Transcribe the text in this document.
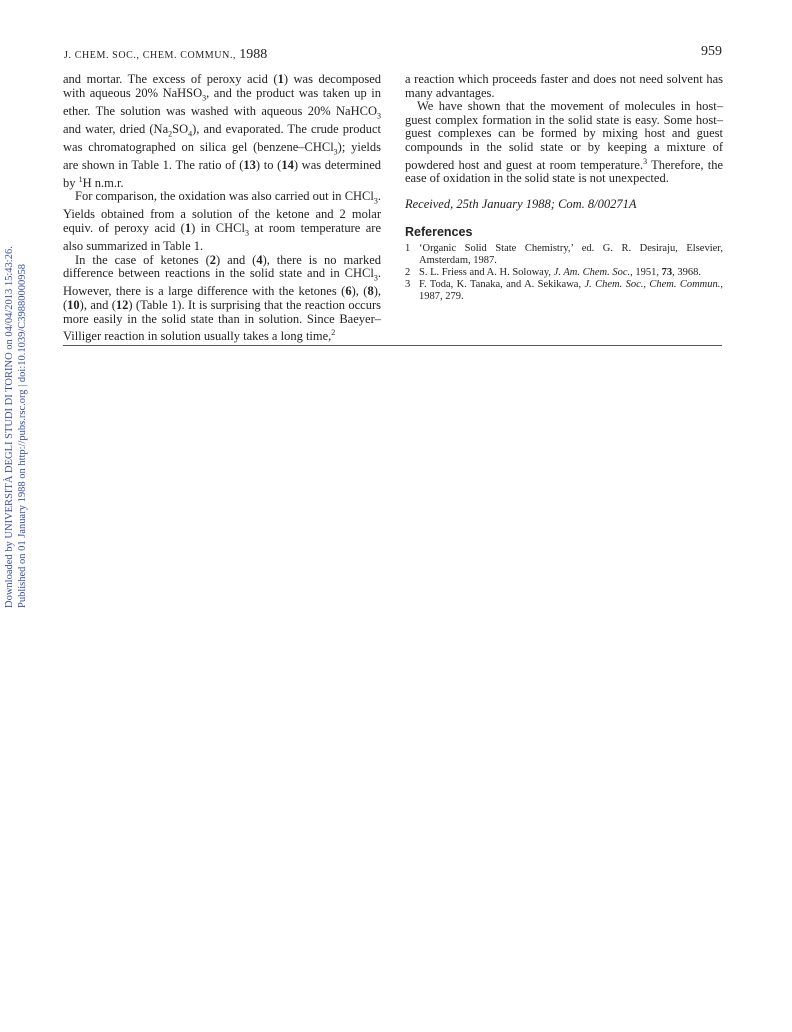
J. CHEM. SOC., CHEM. COMMUN., 1988	959
Downloaded by UNIVERSITÀ DEGLI STUDI DI TORINO on 04/04/2013 15:43:26. Published on 01 January 1988 on http://pubs.rsc.org | doi:10.1039/C39880000958

and mortar. The excess of peroxy acid (1) was decomposed with aqueous 20% NaHSO$_3$, and the product was taken up in ether. The solution was washed with aqueous 20% NaHCO$_3$ and water, dried $(Na_2SO_4)$, and evaporated. The crude product was chromatographed on silica gel (benzene–CHCl$_3$); yields are shown in Table 1. The ratio of (13) to (14) was determined by $^1$H n.m.r.

For comparison, the oxidation was also carried out in CHCl$_3$. Yields obtained from a solution of the ketone and 2 molar equiv. of peroxy acid (1) in CHCl$_3$ at room temperature are also summarized in Table 1.

In the case of ketones (2) and (4), there is no marked difference between reactions in the solid state and in CHCl$_3$. However, there is a large difference with the ketones (6), (8), (10), and (12) (Table 1). It is surprising that the reaction occurs more easily in the solid state than in solution. Since Baeyer–Villiger reaction in solution usually takes a long time,$^2$

a reaction which proceeds faster and does not need solvent has many advantages.

We have shown that the movement of molecules in host–guest complex formation in the solid state is easy. Some host–guest complexes can be formed by mixing host and guest compounds in the solid state or by keeping a mixture of powdered host and guest at room temperature.$^3$ Therefore, the ease of oxidation in the solid state is not unexpected.

Received, 25th January 1988; Com. 8/00271A

References

1 ‘Organic Solid State Chemistry,’ ed. G. R. Desiraju, Elsevier, Amsterdam, 1987.
2 S. L. Friess and A. H. Soloway, J. Am. Chem. Soc., 1951, 73, 3968.
3 F. Toda, K. Tanaka, and A. Sekikawa, J. Chem. Soc., Chem. Commun., 1987, 279.
